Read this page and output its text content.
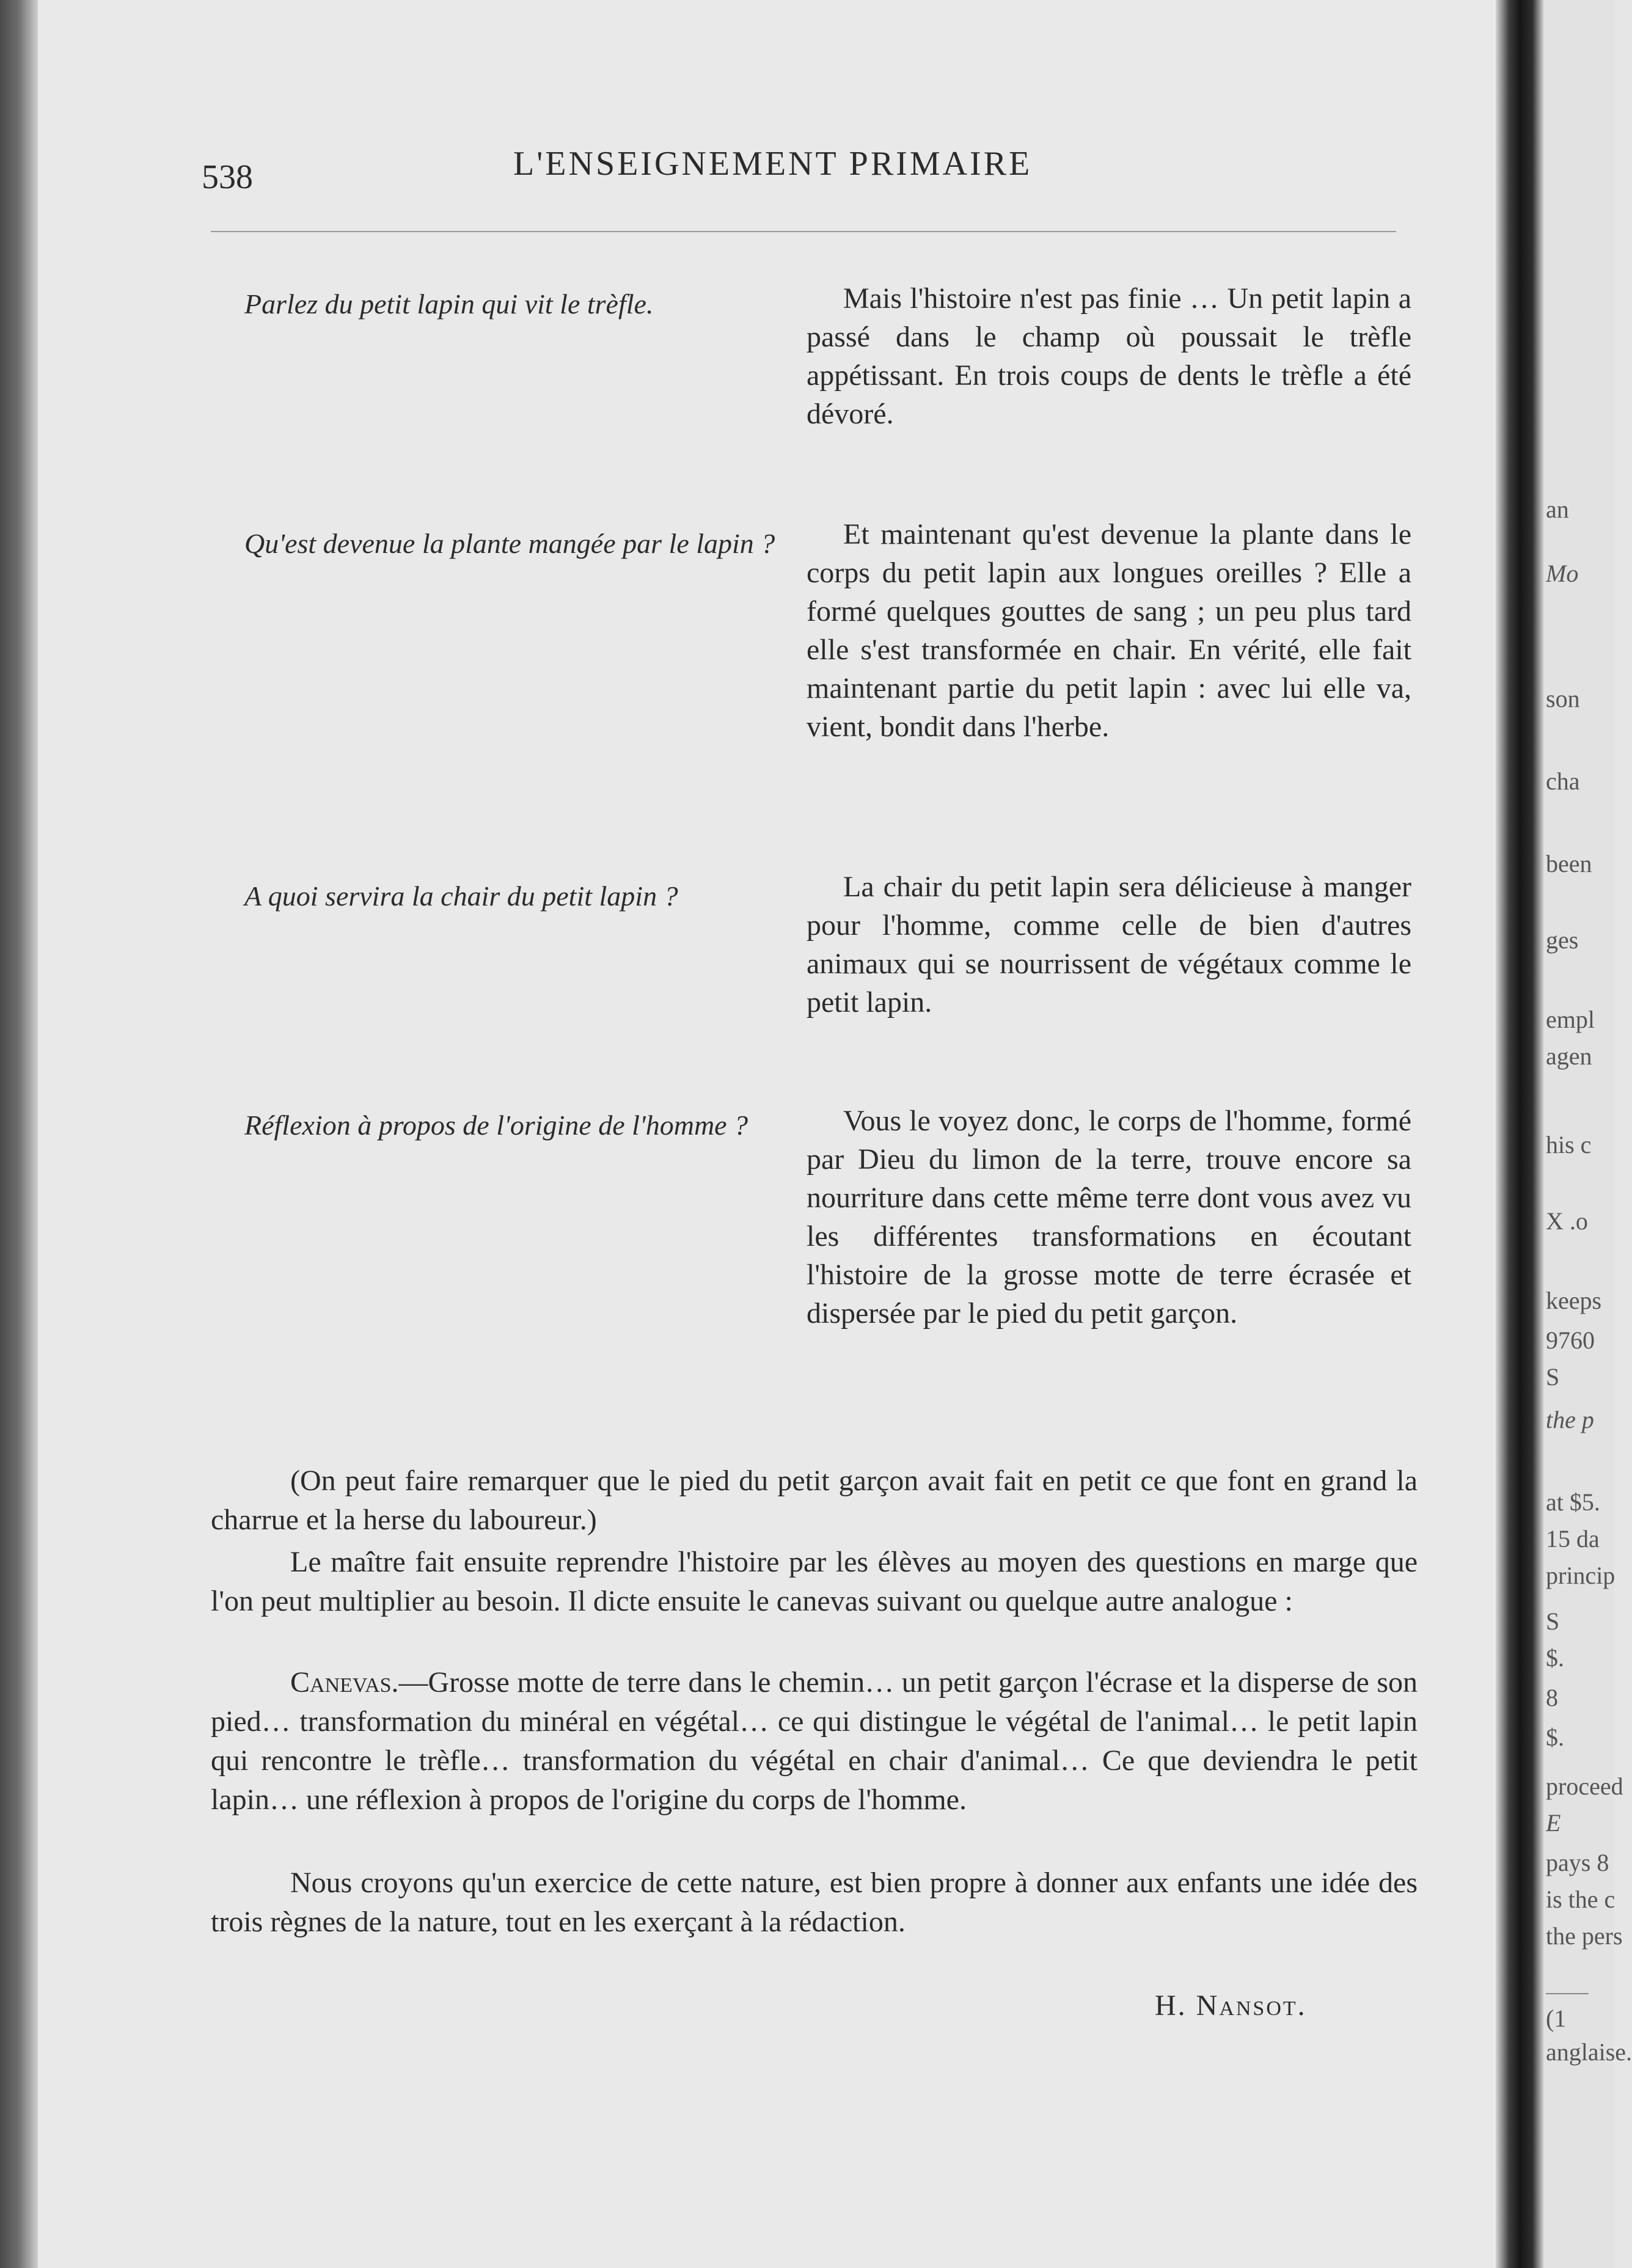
an
Mo
son
cha
been
ges
empl
agen
his c
X .o
keeps
9760
S
the p
at $5.
15 da
princip
S
$.
8
$.
proceed
E
pays 8
is the c
the pers
(1
anglaise.
538	L'ENSEIGNEMENT PRIMAIRE
Parlez du petit lapin qui vit le trèfle.	Mais l'histoire n'est pas finie … Un petit lapin a passé dans le champ où poussait le trèfle appétissant. En trois coups de dents le trèfle a été dévoré.
Qu'est devenue la plante mangée par le lapin ?	Et maintenant qu'est devenue la plante dans le corps du petit lapin aux longues oreilles ? Elle a formé quelques gouttes de sang ; un peu plus tard elle s'est transformée en chair. En vérité, elle fait maintenant partie du petit lapin : avec lui elle va, vient, bondit dans l'herbe.
A quoi servira la chair du petit lapin ?	La chair du petit lapin sera délicieuse à manger pour l'homme, comme celle de bien d'autres animaux qui se nourrissent de végétaux comme le petit lapin.
Réflexion à propos de l'origine de l'homme ?	Vous le voyez donc, le corps de l'homme, formé par Dieu du limon de la terre, trouve encore sa nourriture dans cette même terre dont vous avez vu les différentes transformations en écoutant l'histoire de la grosse motte de terre écrasée et dispersée par le pied du petit garçon.
(On peut faire remarquer que le pied du petit garçon avait fait en petit ce que font en grand la charrue et la herse du laboureur.)
Le maître fait ensuite reprendre l'histoire par les élèves au moyen des questions en marge que l'on peut multiplier au besoin. Il dicte ensuite le canevas suivant ou quelque autre analogue :
Canevas.—Grosse motte de terre dans le chemin… un petit garçon l'écrase et la disperse de son pied… transformation du minéral en végétal… ce qui distingue le végétal de l'animal… le petit lapin qui rencontre le trèfle… transformation du végétal en chair d'animal… Ce que deviendra le petit lapin… une réflexion à propos de l'origine du corps de l'homme.
Nous croyons qu'un exercice de cette nature, est bien propre à donner aux enfants une idée des trois règnes de la nature, tout en les exerçant à la rédaction.
H. Nansot.
